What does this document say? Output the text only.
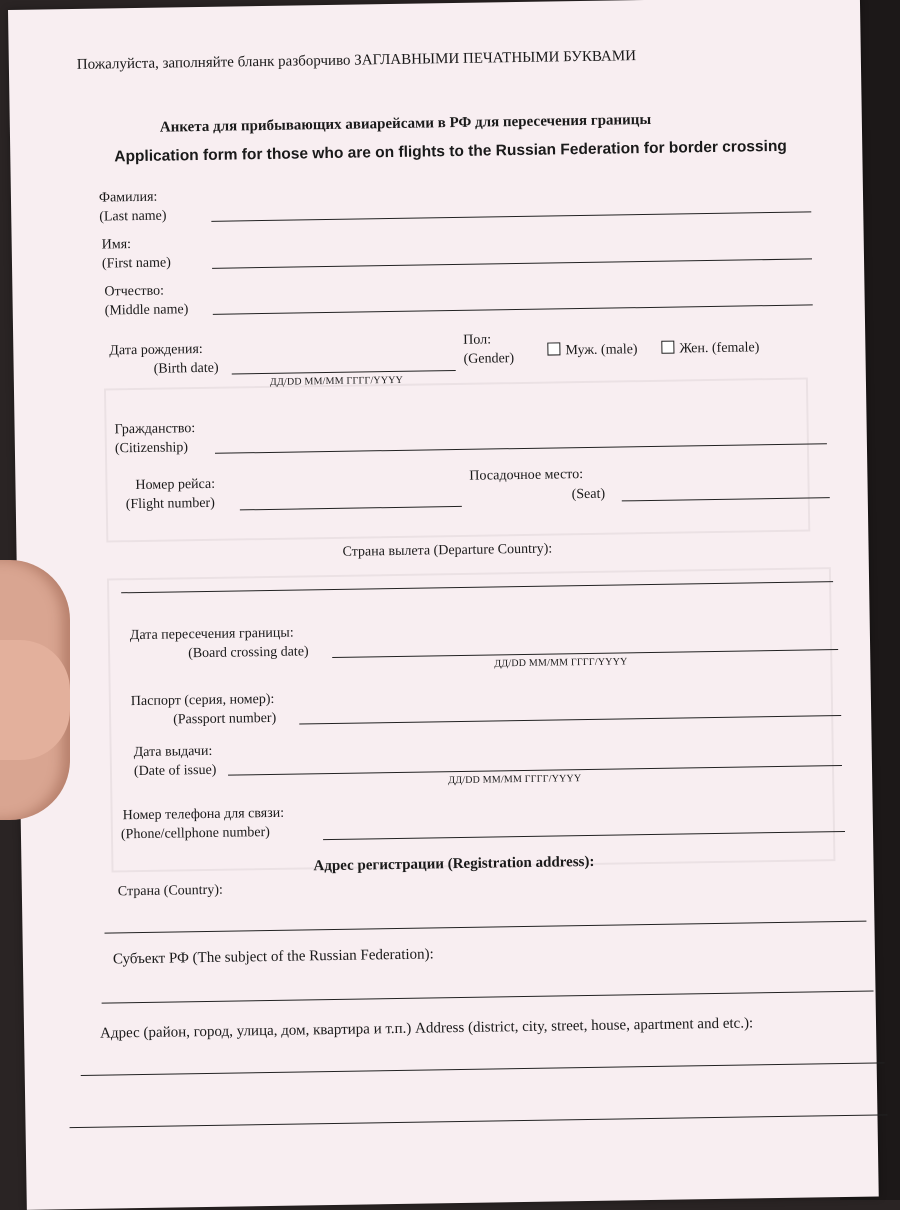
Пожалуйста, заполняйте бланк разборчиво ЗАГЛАВНЫМИ ПЕЧАТНЫМИ БУКВАМИ
Анкета для прибывающих авиарейсами в РФ для пересечения границы
Application form for those who are on flights to the Russian Federation for border crossing
Фамилия:
(Last name)
Имя:
(First name)
Отчество:
(Middle name)
Дата рождения:
(Birth date)
ДД/DD ММ/MM ГГГГ/YYYY
Пол:
(Gender)
Муж. (male)	Жен. (female)
Гражданство:
(Citizenship)
Номер рейса:
(Flight number)
Посадочное место:
(Seat)
Страна вылета (Departure Country):
Дата пересечения границы:
(Board crossing date)
ДД/DD ММ/MM ГГГГ/YYYY
Паспорт (серия, номер):
(Passport number)
Дата выдачи:
(Date of issue)
ДД/DD ММ/MM ГГГГ/YYYY
Номер телефона для связи:
(Phone/cellphone number)
Адрес регистрации (Registration address):
Страна (Country):
Субъект РФ (The subject of the Russian Federation):
Адрес (район, город, улица, дом, квартира и т.п.) Address (district, city, street, house, apartment and etc.):
